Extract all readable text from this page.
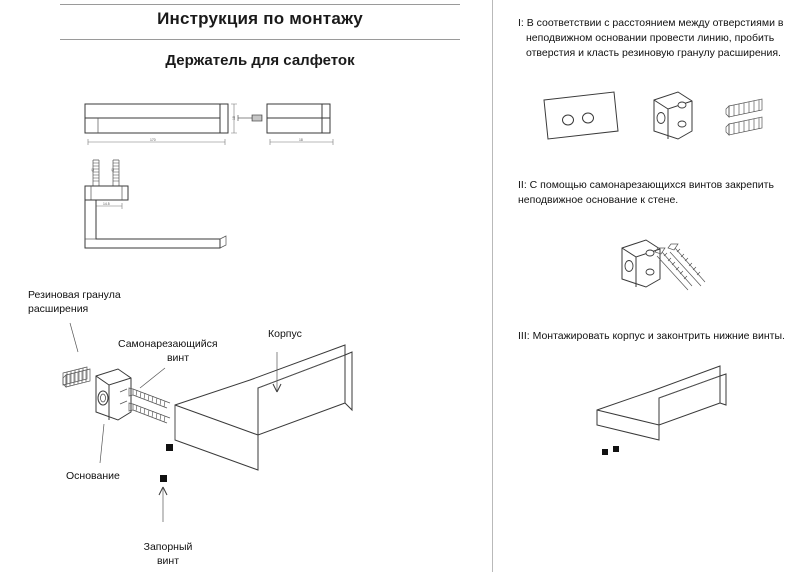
Инструкция по монтажу
Держатель для салфеток
170
18
18
40	40
14.5
Резиновая гранула
расширения
Самонарезающийся
винт
Корпус
Основание
Запорный
винт
I: В соответствии с расстоянием между отверстиями в
неподвижном основании провести линию, пробить
отверстия и класть резиновую гранулу расширения.
II: С помощью самонарезающихся винтов закрепить
неподвижное основание к стене.
III: Монтажировать корпус и законтрить нижние винты.
